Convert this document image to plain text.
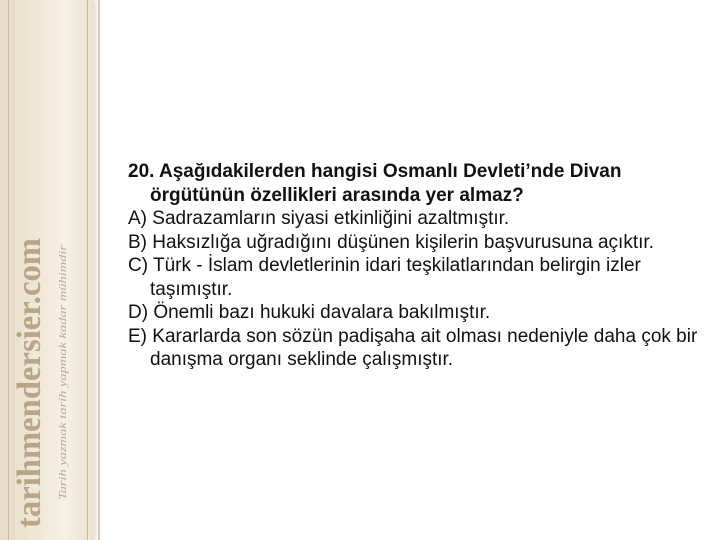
tarihmendersier.com Tarih yazmak tarih yapmak kadar mühimdir

20. Aşağıdakilerden hangisi Osmanlı Devleti’nde Divan örgütünün özellikleri arasında yer almaz?

A) Sadrazamların siyasi etkinliğini azaltmıştır.

B) Haksızlığa uğradığını düşünen kişilerin başvurusuna açıktır.

C) Türk - İslam devletlerinin idari teşkilatlarından belirgin izler taşımıştır.

D) Önemli bazı hukuki davalara bakılmıştır.

E) Kararlarda son sözün padişaha ait olması nedeniyle daha çok bir danışma organı seklinde çalışmıştır.
